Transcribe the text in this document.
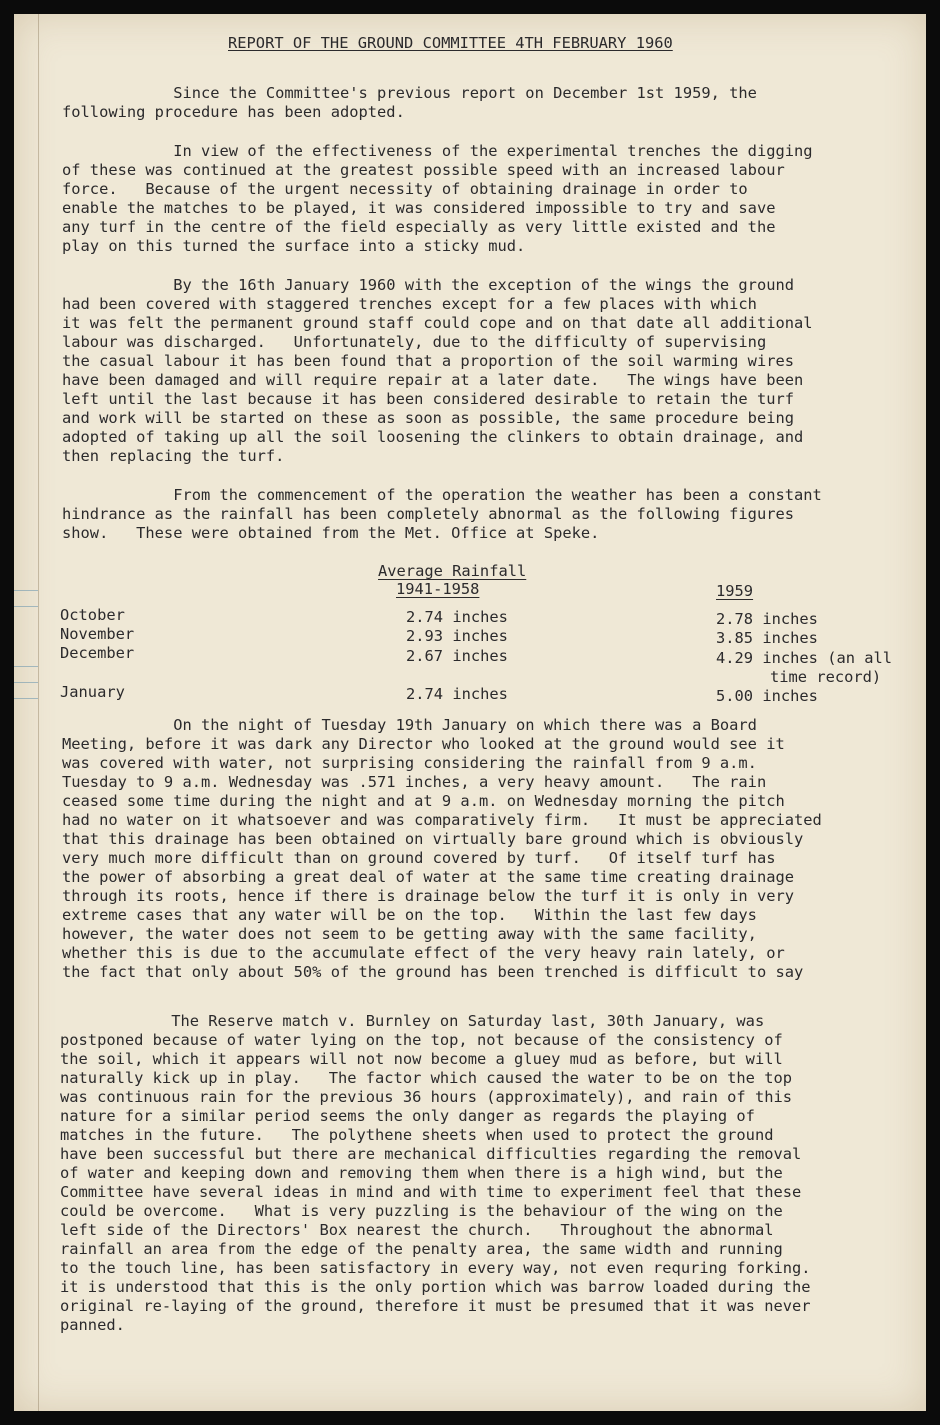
REPORT OF THE GROUND COMMITTEE 4TH FEBRUARY 1960

Since the Committee's previous report on December 1st 1959, the
following procedure has been adopted.

In view of the effectiveness of the experimental trenches the digging
of these was continued at the greatest possible speed with an increased labour
force.   Because of the urgent necessity of obtaining drainage in order to
enable the matches to be played, it was considered impossible to try and save
any turf in the centre of the field especially as very little existed and the
play on this turned the surface into a sticky mud.

By the 16th January 1960 with the exception of the wings the ground
had been covered with staggered trenches except for a few places with which
it was felt the permanent ground staff could cope and on that date all additional
labour was discharged.   Unfortunately, due to the difficulty of supervising
the casual labour it has been found that a proportion of the soil warming wires
have been damaged and will require repair at a later date.   The wings have been
left until the last because it has been considered desirable to retain the turf
and work will be started on these as soon as possible, the same procedure being
adopted of taking up all the soil loosening the clinkers to obtain drainage, and
then replacing the turf.

From the commencement of the operation the weather has been a constant
hindrance as the rainfall has been completely abnormal as the following figures
show.   These were obtained from the Met. Office at Speke.

Average Rainfall

1941-1958	1959

October	2.74 inches	2.78 inches

November	2.93 inches	3.85 inches

December	2.67 inches	4.29 inches (an all

time record)

January	2.74 inches	5.00 inches

On the night of Tuesday 19th January on which there was a Board
Meeting, before it was dark any Director who looked at the ground would see it
was covered with water, not surprising considering the rainfall from 9 a.m.
Tuesday to 9 a.m. Wednesday was .571 inches, a very heavy amount.   The rain
ceased some time during the night and at 9 a.m. on Wednesday morning the pitch
had no water on it whatsoever and was comparatively firm.   It must be appreciated
that this drainage has been obtained on virtually bare ground which is obviously
very much more difficult than on ground covered by turf.   Of itself turf has
the power of absorbing a great deal of water at the same time creating drainage
through its roots, hence if there is drainage below the turf it is only in very
extreme cases that any water will be on the top.   Within the last few days
however, the water does not seem to be getting away with the same facility,
whether this is due to the accumulate effect of the very heavy rain lately, or
the fact that only about 50% of the ground has been trenched is difficult to say

The Reserve match v. Burnley on Saturday last, 30th January, was
postponed because of water lying on the top, not because of the consistency of
the soil, which it appears will not now become a gluey mud as before, but will
naturally kick up in play.   The factor which caused the water to be on the top
was continuous rain for the previous 36 hours (approximately), and rain of this
nature for a similar period seems the only danger as regards the playing of
matches in the future.   The polythene sheets when used to protect the ground
have been successful but there are mechanical difficulties regarding the removal
of water and keeping down and removing them when there is a high wind, but the
Committee have several ideas in mind and with time to experiment feel that these
could be overcome.   What is very puzzling is the behaviour of the wing on the
left side of the Directors' Box nearest the church.   Throughout the abnormal
rainfall an area from the edge of the penalty area, the same width and running
to the touch line, has been satisfactory in every way, not even requring forking.
it is understood that this is the only portion which was barrow loaded during the
original re-laying of the ground, therefore it must be presumed that it was never
panned.
